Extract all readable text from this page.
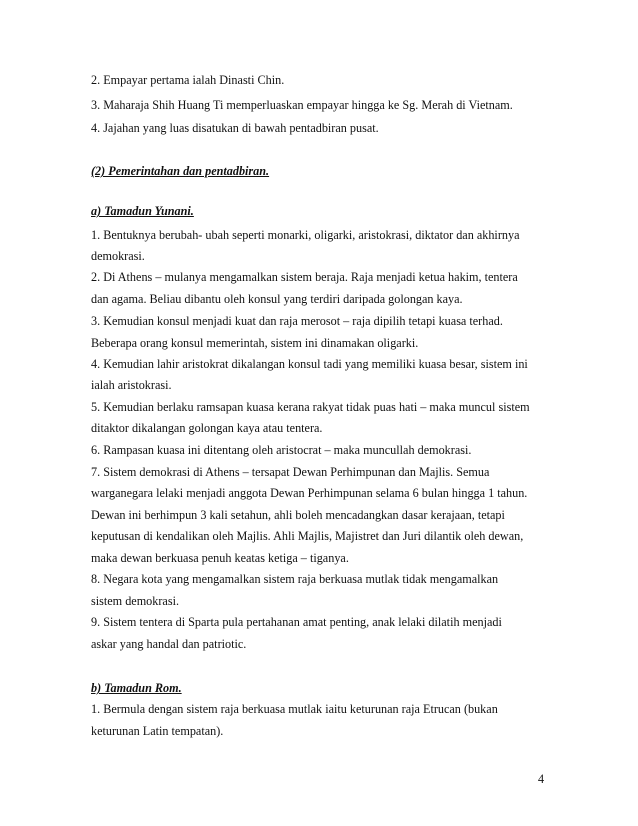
2. Empayar pertama ialah Dinasti Chin.
3. Maharaja Shih Huang Ti memperluaskan empayar hingga ke Sg. Merah di Vietnam.
4. Jajahan yang luas disatukan di bawah pentadbiran pusat.
(2) Pemerintahan dan pentadbiran.
a) Tamadun Yunani.
1. Bentuknya berubah- ubah seperti monarki, oligarki, aristokrasi, diktator dan akhirnya
demokrasi.
2. Di Athens – mulanya mengamalkan sistem beraja. Raja menjadi ketua hakim, tentera
dan agama. Beliau dibantu oleh konsul yang terdiri daripada golongan kaya.
3. Kemudian konsul menjadi kuat dan raja merosot – raja dipilih tetapi kuasa terhad.
Beberapa orang konsul memerintah, sistem ini dinamakan oligarki.
4. Kemudian lahir aristokrat dikalangan konsul tadi yang memiliki kuasa besar, sistem ini
ialah aristokrasi.
5. Kemudian berlaku ramsapan kuasa kerana rakyat tidak puas hati – maka muncul sistem
ditaktor dikalangan golongan kaya atau tentera.
6. Rampasan kuasa ini ditentang oleh aristocrat – maka muncullah demokrasi.
7. Sistem demokrasi di Athens – tersapat Dewan Perhimpunan dan Majlis. Semua
warganegara lelaki menjadi anggota Dewan Perhimpunan selama 6 bulan hingga 1 tahun.
Dewan ini berhimpun 3 kali setahun, ahli boleh mencadangkan dasar kerajaan, tetapi
keputusan di kendalikan oleh Majlis. Ahli Majlis, Majistret dan Juri dilantik oleh dewan,
maka dewan berkuasa penuh keatas ketiga – tiganya.
8. Negara kota yang mengamalkan sistem raja berkuasa mutlak tidak mengamalkan
sistem demokrasi.
9. Sistem tentera di Sparta pula pertahanan amat penting, anak lelaki dilatih menjadi
askar yang handal dan patriotic.
b) Tamadun Rom.
1. Bermula dengan sistem raja berkuasa mutlak iaitu keturunan raja Etrucan (bukan
keturunan Latin tempatan).
4
